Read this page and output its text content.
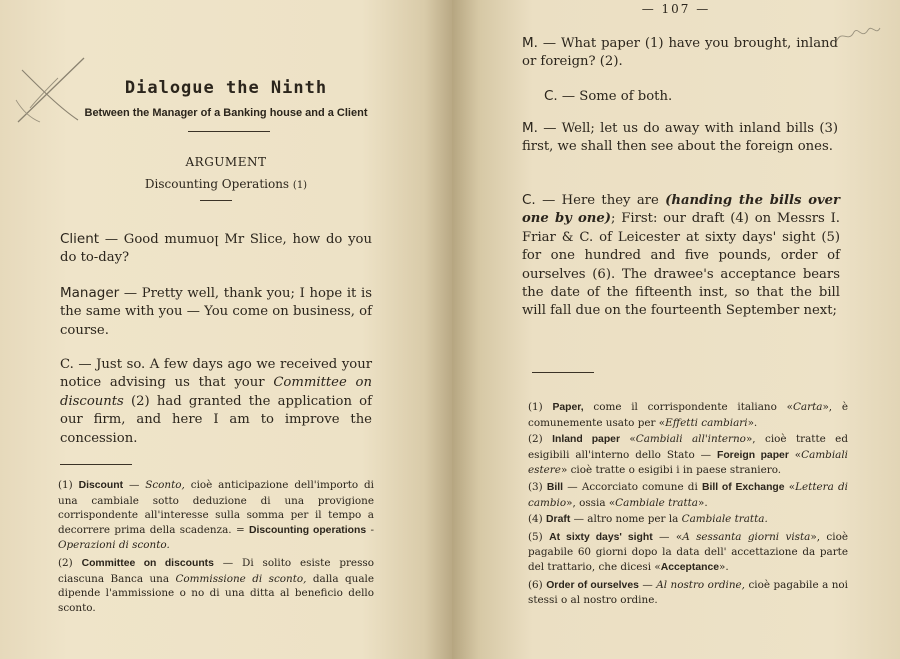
Dialogue the Ninth
Between the Manager of a Banking house and a Client
ARGUMENT
Discounting Operations (1)

Client — Good mumuoꞁ Mr Slice, how do you do to-day?

Manager — Pretty well, thank you; I hope it is the same with you — You come on business, of course.

C. — Just so. A few days ago we received your notice advising us that your Committee on discounts (2) had granted the application of our firm, and here I am to improve the concession.

(1) Discount — Sconto, cioè anticipazione dell'importo di una cambiale sotto deduzione di una provigione corrispondente all'interesse sulla somma per il tempo a decorrere prima della scadenza. = Discounting operations - Operazioni di sconto.

(2) Committee on discounts — Di solito esiste presso ciascuna Banca una Commissione di sconto, dalla quale dipende l'ammissione o no di una ditta al beneficio dello sconto.

— 107 —

M. — What paper (1) have you brought, inland or foreign? (2).

C. — Some of both.

M. — Well; let us do away with inland bills (3) first, we shall then see about the foreign ones.

C. — Here they are (handing the bills over one by one); First: our draft (4) on Messrs I. Friar & C. of Leicester at sixty days' sight (5) for one hundred and five pounds, order of ourselves (6). The drawee's acceptance bears the date of the fifteenth inst, so that the bill will fall due on the fourteenth September next;

(1) Paper, come il corrispondente italiano «Carta», è comunemente usato per «Effetti cambiari».

(2) Inland paper «Cambiali all'interno», cioè tratte ed esigibili all'interno dello Stato — Foreign paper «Cambiali estere» cioè tratte o esigibi i in paese straniero.

(3) Bill — Accorciato comune di Bill of Exchange «Lettera di cambio», ossia «Cambiale tratta».

(4) Draft — altro nome per la Cambiale tratta.

(5) At sixty days' sight — «A sessanta giorni vista», cioè pagabile 60 giorni dopo la data dell' accettazione da parte del trattario, che dicesi «Acceptance».

(6) Order of ourselves — Al nostro ordine, cioè pagabile a noi stessi o al nostro ordine.
